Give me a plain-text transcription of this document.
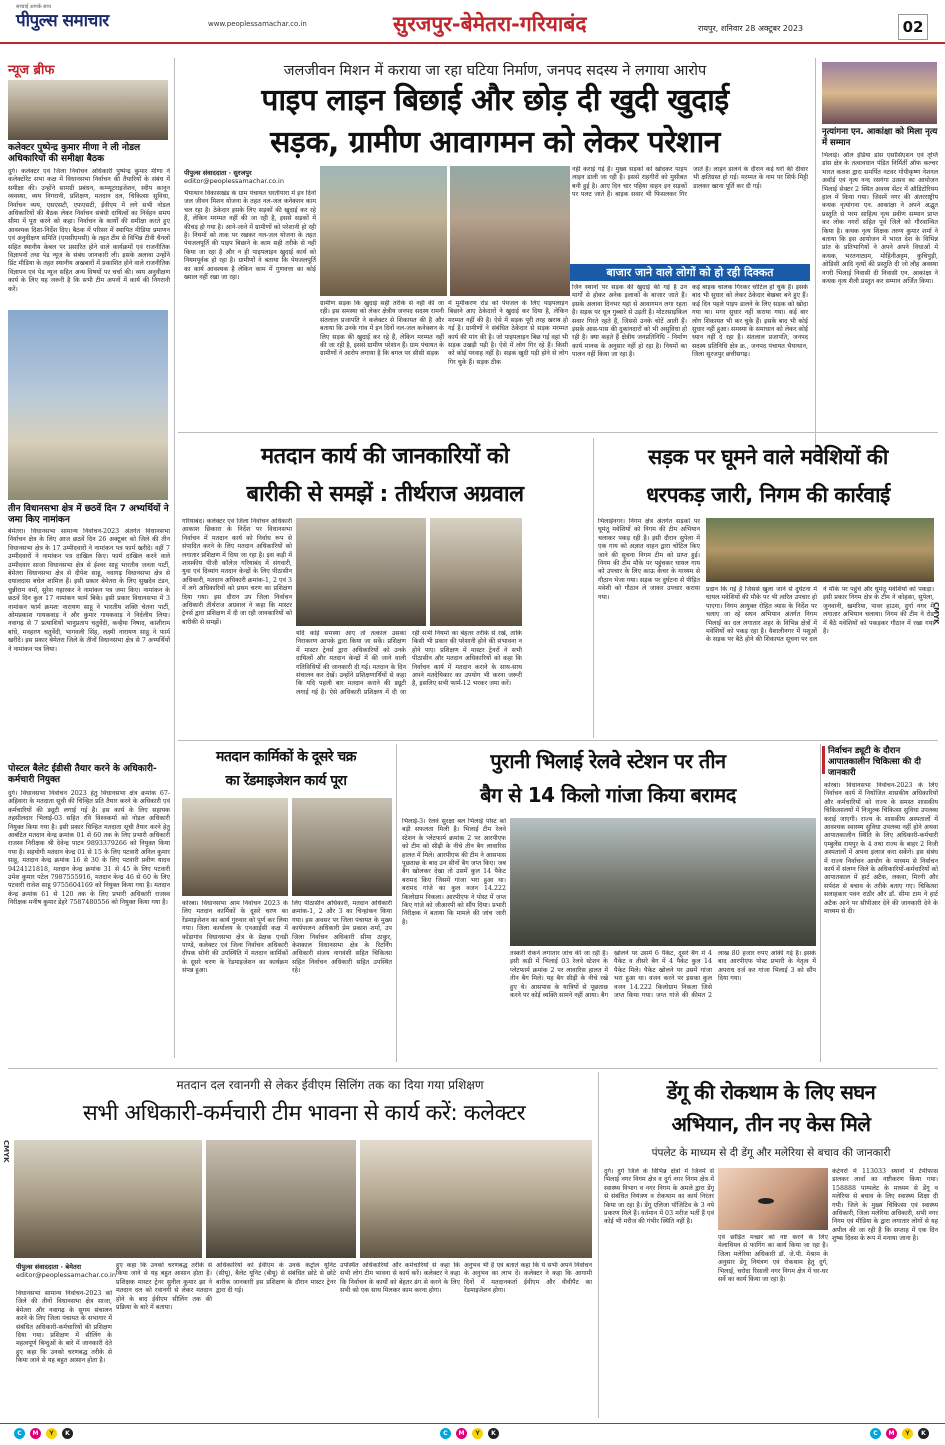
सच्चाई आपके साथ
पीपुल्स समाचार	www.peoplessamachar.co.in	सुरजपुर-बेमेतरा-गरियाबंद	रायपुर, शनिवार 28 अक्टूबर 2023	02
न्यूज ब्रीफ
कलेक्टर पुष्पेन्द्र कुमार मीणा ने ली नोडल अधिकारियों की समीक्षा बैठक
दुर्ग। कलेक्टर एवं जिला निर्वाचन अधिकारी पुष्पेन्द्र कुमार मीणा ने कलेक्टोरेट सभा कक्ष में विधानसभा निर्वाचन की तैयारियों के संबंध में समीक्षा की। उन्होंने सामग्री प्रबंधन, कम्प्यूटराइजेशन, स्वीप कानून व्यवस्था, व्यय निगरानी, प्रशिक्षण, मतदान दल, चिकित्सा सुविधा, निर्वाचन व्यय, एसएसटी, एफएसटी, ईवीएम में लगे सभी नोडल अधिकारियों की बैठक लेकर निर्वाचन संबंधी दायित्वों का निर्वहन समय सीमा में पूरा करने को कहा। निर्वाचन के कार्यों की समीक्षा करते हुए आवश्यक दिशा-निर्देश दिए। बैठक में परिसर में स्थापित मीडिया प्रमाणन एवं अनुवीक्षण समिति (एमसीएमसी) के तहत टीम से विभिन्न टीवी चैनलों सहित स्थानीय केबल पर प्रसारित होने वाले कार्यक्रमों एवं राजनीतिक विज्ञापनों तथा पेड न्यूज के संबंध जानकारी ली। इसके अलावा उन्होंने प्रिंट मीडिया के तहत स्थानीय अखबारों में प्रकाशित होने वाले राजनीतिक विज्ञापन एवं पेड न्यूज सहित अन्य विषयों पर चर्चा की। व्यय अनुवीक्षण कार्य के लिए यह जरूरी है कि सभी टीम अपनों में कार्य की निगरानी करें।
तीन विधानसभा क्षेत्र में छठवें दिन 7 अभ्यर्थियों ने जमा किए नामांकन
बेमेतरा। विधानसभा सामान्य निर्वाचन-2023 अंतर्गत विधानसभा निर्वाचन क्षेत्र के लिए आज छठवें दिन 26 अक्टूबर को जिले की तीन विधानसभा क्षेत्र के 17 उम्मीदवारों ने नामांकन पत्र फार्म खरीदे। वहीं 7 उम्मीदवारों ने नामांकन पत्र दाखिल किए। फार्म दाखिल करने वाले उम्मीदवार साजा विधानसभा क्षेत्र से ईश्वर साहू भारतीय जनता पार्टी, बेमेतरा विधानसभा क्षेत्र से दीपेश साहू, नवागढ़ विधानसभा क्षेत्र से दयालदास बघेल शामिल हैं। इसी प्रकार बेमेतरा के लिए सुखदेव टंडन, चुन्नीराम वर्मा, सुरेश गहारकर ने नामांकन पत्र जमा किए। नामांकन के छठवें दिन कुल 17 नामांकन फार्म बिके। इसी प्रकार विधानसभा में 3 नामांकन फार्म क्रमशः नारायण साहू ने भारतीय शक्ति चेतना पार्टी, ओमप्रकाश गायकवाड़ ने और कुमार गायकवाड़ ने निर्दलीय लिया। नवागढ़ से 7 प्रत्याशियों भानुप्रताप चतुर्वेदी, कन्हैया निषाद, कांशीराम बांधे, मनहरण चतुर्वेदी, भागवली सिंह, लक्ष्मी नारायण साहू ने फार्म खरीदे। इस प्रकार बेमेतरा जिले के तीनों विधानसभा क्षेत्र से 7 अभ्यर्थियों ने नामांकन पत्र लिया।
पोस्टल बैलेट ईडीसी तैयार करने के अधिकारी-कर्मचारी नियुक्त
दुर्ग। विधानसभा निर्वाचन 2023 हेतु विधानसभा क्षेत्र क्रमांक 67-अहिवारा के मतदाता सूची की चिन्हित प्रति तैयार करने के अधिकारी एवं कर्मचारियों की ड्यूटी लगाई गई है। इस कार्य के लिए सहायक तहसीलदार भिलाई-03 सहित रवि विश्वकर्मा को नोडल अधिकारी नियुक्त किया गया है। इसी प्रकार चिन्हित मतदाता सूची तैयार करने हेतु आबंटित मतदान केन्द्र क्रमांक 01 से 60 तक के लिए प्रभारी अधिकारी राजस्व निरीक्षक श्री देवेन्द्र पाटन 9893379266 को नियुक्त किया गया है। सहयोगी मतदान केन्द्र 01 से 15 के लिए पटवारी अनिल कुमार साहू, मतदान केन्द्र क्रमांक 16 से 30 के लिए पटवारी प्रवीण यादव 9424121818, मतदान केन्द्र क्रमांक 31 से 45 के लिए पटवारी उमेश कुमार पटेल 7987555916, मतदान केन्द्र 46 से 60 के लिए पटवारी राजेश साहू 9755604169 को नियुक्त किया गया है। मतदान केन्द्र क्रमांक 61 से 120 तक के लिए प्रभारी अधिकारी राजस्व निरीक्षक मनीष कुमार डेहरे 7587480556 को नियुक्त किया गया है।
जलजीवन मिशन में कराया जा रहा घटिया निर्माण, जनपद सदस्य ने लगाया आरोप
पाइप लाइन बिछाई और छोड़ दी खुदी खुदाई
सड़क, ग्रामीण आवागमन को लेकर परेशान
पीपुल्स संवाददाता · सुरजपुर
editor@peoplessamachar.co.in
भैयाथान विकासखंड के ग्राम पंचायत धरतीपारा में इन दिनों जल जीवन मिशन योजना के तहत नल-जल कनेक्शन काम चल रहा है। ठेकेदार इसके लिए सड़कों की खुदाई कर रहे हैं, लेकिन मरम्मत नहीं की जा रही है, इससे सड़कों में कीचड़ हो गया है। आने-जाने में ग्रामीणों को परेशानी हो रही है। नियमों को ताक पर रखकर नल-जल योजना के तहत पेयजलपूर्ति की पाइप बिछाने के काम सही तरीके से नहीं किया जा रहा है और न ही पाइपलाइन खुदाई कार्य को नियमपूर्वक हो रहा है। ग्रामीणों ने बताया कि पेयजलपूर्ति का कार्य आवश्यक है लेकिन काम में गुणवत्ता का कोई ख्याल नहीं रखा जा रहा।
ग्रामीण सड़क कि खुदाई सही तरीके से नहीं की जा रही। इस समस्या को लेकर क्षेत्रीय जनपद सदस्य रामनी संतलाल प्रजापति ने कलेक्टर से शिकायत की है और बताया कि उनके गांव में इन दिनों नल-जल कनेक्शन के लिए सड़क की खुदाई कर रहे हैं, लेकिन मरम्मत नहीं की जा रही है, इससे ग्रामीण परेशान हैं। ग्राम पंचायत के ग्रामीणों ने आरोप लगाया है कि बगल पर सीसी सड़क
में मुर्मीकरण रोड को पेयजल के लिए पाइपलाइन बिछाने आए ठेकेदारों ने खुदाई कर दिया है, लेकिन मरम्मत नहीं की है। ऐसे में सड़क पूरी तरह खराब हो गई है। ग्रामीणों ने संबंधित ठेकेदार से सड़क मरम्मत कार्य की मांग की है। जो पाइपलाइन बिछ गई वहां भी सड़क उखड़ी पड़ी है। ऐसे में लोग गिर रहे हैं। किसी को कोई परवाह नहीं है। सड़क खुदी पड़ी होने से लोग गिर चुके हैं। सड़क ठीक
नहीं कराई गई है। मुख्य सड़कों को खोदकर पाइप लाइन डाली जा रही है। इससे राहगीरों को मुसीबत बनी हुई है। आए दिन चार पहिया वाहन इन सड़कों पर पलट जाते हैं। बाइक सवार भी फिसलकर गिर जाते हैं। लाइन डालने के दौरान कई घरों की दीवार भी क्षतिग्रस्त हो गई। मरम्मत के नाम पर सिर्फ मिट्टी डालकर खाना पूर्ति कर दी गई।
बाजार जाने वाले लोगों को हो रही दिक्कत
जिन स्थानों पर सड़क की खुदाई की गई है उन मार्गों से होकर अनेक इलाकों के बाजार जाते हैं। इसके अलावा दिनभर यहां से आवागमन लगा रहता है। सड़क पर धूल गुब्बारे से उड़ती है। मोटरसाइकिल सवार गिरते रहते हैं, जिससे उनके चोटें आती हैं। इसके आस-पास की दुकानदारों को भी असुविधा हो रही है। क्या कहते हैं क्षेत्रीय जनप्रतिनिधि - निर्माण कार्य मानक के अनुसार नहीं हो रहा है। नियमों का पालन नहीं किया जा रहा है।
कई बाइक चालक गिरकर चोटिल हो चुके हैं। इसके बाद भी सुधार को लेकर ठेकेदार बेखबर बने हुए हैं। कई दिन पहले पाइप डालने के लिए सड़क को खोदा गया था। मगर सुधार नहीं कराया गया। कई बार लोग शिकायत भी कर चुके हैं। इसके बाद भी कोई सुधार नहीं हुआ। समस्या के समाधान को लेकर कोई ध्यान नहीं दे रहा है। संतलाल प्रजापति, जनपद सदस्य प्रतिनिधि क्षेत्र क्र., जनपद पंचायत भैयाथान, जिला सुरजपुर छत्तीसगढ़।
नृत्यांगना एन. आकांक्षा को मिला नृत्य में सम्मान
भिलाई। ऑल इंडिया डांस एसोसिएशन एवं तृप्ति डांस क्षेत्र के तत्वावधान पंडित निर्मिर्ती ऑफ कल्चर भारत कलश द्वारा समर्पित नटवर गोपीकृष्ण नेशनल अवॉर्ड एवं नृत्य नन्द रसगंगा उत्सव का आयोजन भिलाई सेक्टर 2 स्थित अवध्य सेंटर में ऑडिटोरियम हाल में किया गया। जिसमें नगर की अंतरराष्ट्रीय कथक नृत्यांगना एन. आकांक्षा ने अपने अद्भुत प्रस्तुति से परम साहित्य नृत्य प्रवीण सम्मान प्राप्त कर लोक नगरों सहित पूर्व जिले को गौरवान्वित किया है। कथक नृत्य शिक्षक तरुण कुमार शर्मा ने बताया कि इस आयोजन में भारत देश के विभिन्न प्रांत के प्रतिभागियों ने अपने अपने विधाओं में कथक, भरतनाट्यम, मोहिनीअट्टम, कुचिपुड़ी, ओडिसी आदि नृत्यों की प्रस्तुति दी जो लौह अवस्था नगरी भिलाई निवासी दी निवासी एन. आकांक्षा ने कथक नृत्य शैली प्रस्तुत कर सम्मान अर्जित किया।
मतदान कार्य की जानकारियों को
बारीकी से समझें : तीर्थराज अग्रवाल
गरियाबंद। कलेक्टर एवं जिला निर्वाचन अधिकारी आकाश छिकारा के निर्देश पर विधानसभा निर्वाचन में मतदान कार्य को निर्वाध रूप से संपादित करने के लिए मतदान अधिकारियों को लगातार प्रशिक्षण में दिया जा रहा है। इस कड़ी में शासकीय पीजी कॉलेज गरियाबंद में संगवारी, युवा एवं दिव्यांग मतदान केन्द्रों के लिए पीठासीन अधिकारी, मतदान अधिकारी क्रमांक-1, 2 एवं 3 में लगे अधिकारियों को प्रथम चरण का प्रशिक्षण दिया गया। इस दौरान उप जिला निर्वाचन अधिकारी तीर्थराज अग्रवाल ने कहा कि मास्टर ट्रेनर्स द्वारा प्रशिक्षण में दी जा रही जानकारियों को बारीकी से समझें।
यदि कोई समस्या आए तो तत्काल उसका निराकरण आपके द्वारा किया जा सकें। प्रशिक्षण में मास्टर ट्रेनर्स द्वारा अधिकारियों को उनके दायित्वों और मतदान केन्द्रों में की जाने वाली गतिविधियों की जानकारी दी गई। मतदान के दिन संचालन कर देखें। उन्होंने प्रशिक्षणार्थियों से कहा कि यदि पहली बार मतदान कराने की ड्यूटी लगाई गई है। ऐसे अधिकारी प्रशिक्षण में दी जा रही सभी नियमों का बेहतर तरीके से रखें, ताकि किसी भी प्रकार की परेशानी होने की संभावना न होने पाए। प्रशिक्षण में मास्टर ट्रेनरों ने सभी पीठासीन और मतदान अधिकारियों को कहा कि निर्वाचन कार्य में मतदान कराने के साथ-साथ अपने मतदेयिकार का उपयोग भी करना जरूरी है, इसलिए सभी फार्म-12 भरकर जमा करें।
सड़क पर घूमने वाले मवेशियों की
धरपकड़ जारी, निगम की कार्रवाई
भिलाईनगर। निगम क्षेत्र अंतर्गत सड़कों पर घूमंतू मवेशियों को निगम की टीम अभियान चलाकर पकड़ रही है। इसी दौरान सुपेला में एक गाय को अज्ञात वाहन द्वारा चोटिल किए जाने की सूचना निगम टीम को प्राप्त हुई। निगम की टीम मौके पर पहुंचकर घायल गाय को उपचार के लिए काऊ केचर के माध्यम से गौठान भेजा गया। सड़क पर दुर्घटना से पीड़ित मवेशी को गौठान ले जाकर उपचार कराया गया।
प्रदान कि गई है जिससे खुला जाने से दुर्घटना में घायल मवेशियों की मौके पर भी त्वरित उपचार हो पाएगा। निगम आयुक्त रोहित व्यास के निर्देश पर चलाए जा रहे सघन अभियान अंतर्गत निगम भिलाई का दल लगातार शहर के विभिन्न क्षेत्रों में मवेशियों को पकड़ रहा है। वैशालीनगर में पशुओं के सड़क पर बैठे होने की शिकायत सूचना पर दल ने मौके पर पहुंचे और घूमंतू मवेशियों को पकड़ा। इसी प्रकार निगम क्षेत्र के टीम ने कोहका, सुपेला, जुनवानी, खमरिया, पावर हाउस, दुर्गा नगर में लगातार अभियान चलाया। निगम की टीम ने रोड में बैठे मवेशियों को पकड़कर गौठान में रखा गया है।
मतदान कार्मिकों के दूसरे चक्र
का रेंडमाइजेशन कार्य पूरा
कोरबा। विधानसभा आम निर्वाचन 2023 के लिए मतदान कार्मिकों के दूसरे चरण का रेंडमाइजेशन का कार्य गुरुवार को पूर्ण कर लिया गया। जिला कार्यालय के एनआईसी कक्ष में कोंडागांव विधानसभा क्षेत्र के प्रेक्षक एनडी पाण्डे, कलेक्टर एवं जिला निर्वाचन अधिकारी दीपक सोनी की उपस्थिति में मतदान कार्मिकों के दूसरे चरण के रेंडमाइजेशन का कार्यक्रम संपन्न हुआ।
लिए पीठासीन अधिकारी, मतदान अधिकारी क्रमांक-1, 2 और 3 का चिन्हांकन किया गया। इस अवसर पर जिला पंचायत के मुख्य कार्यपालन अधिकारी प्रेम प्रकाश शर्मा, उप जिला निर्वाचन अधिकारी सीमा ठाकुर, केशकाल विधानसभा क्षेत्र के रिटर्निंग अधिकारी संजय नागवंशी सहित चिकित्सा सहित निर्वाचन अधिकारी सहित उपस्थित रहे।
पुरानी भिलाई रेलवे स्टेशन पर तीन
बैग से 14 किलो गांजा किया बरामद
भिलाई-3। रेलवे सुरक्षा बल भिलाई पोस्ट को बड़ी सफलता मिली है। भिलाई टीम रेलवे स्टेशन के प्लेटफार्म क्रमांक 2 पर आरपीएफ को टीम को सीढ़ी के नीचे तीन बैग लावारिस हालत में मिले। आरपीएफ की टीम ने आसपास पूछताछ के बाद उन सीनों बैग जप्त किए। जब बैग खोलकर देखा तो उसमें कुल 14 पैकेट बरामद किए जिसमें गांजा भरा हुआ था। बरामद गांजे का कुल वजन 14.222 किलोग्राम निकला। आरपीएफ ने पोस्ट में जप्त किए गांजे को जीआरपी को सौंप दिया। प्रभारी निरीक्षक ने बताया कि मामले की जांच जारी है।
तस्करी रोकने लगातार जांच की जा रही है। इसी कड़ी में भिलाई 03 रेलवे स्टेशन के प्लेटफार्म क्रमांक 2 पर लावारिस हालत में तीन बैग मिले। यह बैग सीढ़ी के नीचे रखे हुए थे। आसपास के यात्रियों से पूछताछ करने पर कोई व्यक्ति सामने नहीं आया। बैग खोलने पर उसमें 6 पैकेट, दूसरे बैग में 4 पैकेट व तीसरे बैग में 4 पैकेट कुल 14 पैकेट मिले। पैकेट खोलने पर उसमें गांजा भरा हुआ था। वजन करने पर इसका कुल वजन 14.222 किलोग्राम निकला जिसे जप्त किया गया। जप्त गांजे की कीमत 2 लाख 80 हजार रुपए आंकी गई है। इसके बाद आरपीएफ पोस्ट प्रभारी के नेतृत्व में अपराध दर्ज कर गांजा भिलाई 3 को सौंप दिया गया।
निर्वाचन ड्यूटी के दौरान आपातकालीन चिकित्सा की दी जानकारी
कोरबा। विधानसभा निर्वाचन-2023 के लिए निर्वाचन कार्य में नियोजित शासकीय अधिकारियों और कर्मचारियों को राज्य के समस्त शासकीय चिकित्सालयों में निःशुल्क चिकित्सा सुविधा उपलब्ध कराई जाएगी। राज्य के शासकीय अस्पतालों में आवश्यक स्वास्थ्य सुविधा उपलब्ध नहीं होने अथवा आपातकालीन स्थिति के लिए अधिकारी-कर्मचारी एम्बुलेंस रायपुर के 4 तथा राज्य के बाहर 2 निजी अस्पतालों में अपना इलाज करा सकेंगे। इस संबंध में राज्य निर्वाचन आयोग के माध्यम से निर्वाचन कार्य में संलग्न जिले के अधिकारियों-कर्मचारियों को आपातकाल में हार्ट अटैक, लकवा, मिरगी और सर्पदंश से बचाव के तरीके बताए गए। चिकित्सा सलाहकार पवन राठौर और डॉ. सीमा टाम ने हार्ट अटैक आने पर सीपीआर देने की जानकारी देने के माध्यम से दी।
मतदान दल रवानगी से लेकर ईवीएम सिलिंग तक का दिया गया प्रशिक्षण
सभी अधिकारी-कर्मचारी टीम भावना से कार्य करें: कलेक्टर
पीपुल्स संवाददाता · बेमेतरा
editor@peoplessamachar.co.in
विधानसभा सामान्य निर्वाचन-2023 को जिले की तीनों विधानसभा क्षेत्र साजा, बेमेतरा और नवागढ़ के सुगम संचालन करने के लिए जिला पंचायत के सभागार में संबंधित अधिकारी-कर्मचारियों की प्रशिक्षण दिया गया। प्रशिक्षण में सीलिंग के महत्वपूर्ण बिन्दुओं के बारे में जानकारी देते हुए कहा कि उनको चरणबद्ध तरीके से किया जाने से यह बहुत आसान होता है।
हुए कहा कि उनको चरणबद्ध तरीके से किया जाने से यह बहुत आसान होता है। प्रशिक्षक मास्टर ट्रेनर सुनील कुमार झा ने मतदान दल को रवानगी से लेकर मतदान होने के बाद ईवीएम सीलिंग तक की प्रक्रिया के बारे में बताया।
अधिकारियों को ईवीएम के उनके कंट्रोल यूनिट (सीयू), बैलेट यूनिट (बीयू) से संबंधित छोटे से छोटे बारीक जानकारी इस प्रशिक्षण के दौरान मास्टर ट्रेनर द्वारा दी गई।
उपस्थित अधिकारियों और कर्मचारियों से कहा कि सभी लोग टीम भावना से कार्य करें। कलेक्टर ने कहा कि निर्वाचन के कार्यों को बेहतर ढंग से करने के लिए सभी को एक साथ मिलकर काम करना होगा।
अनुभव भी है एवं बताते कहा कि ये सभी अपने निर्वाचन के अनुभव का लाभ दें। कलेक्टर ने कहा कि आगामी दिनों में मतदानकर्ता ईवीएम और वीवीपैट का रेंडमाइजेशन होगा।
डेंगू की रोकथाम के लिए सघन
अभियान, तीन नए केस मिले
पंपलेट के माध्यम से दी डेंगू और मलेरिया से बचाव की जानकारी
दुर्ग। दुर्ग जिले के विभिन्न क्षेत्रों में जिनमें से भिलाई नगर निगम क्षेत्र व दुर्ग नगर निगम क्षेत्र में स्वास्थ्य विभाग व नगर निगम के अमले द्वारा डेंगू से संबंधित नियंत्रण व रोकथाम का कार्य निरंतर किया जा रहा है। डेंगू एलिजा पॉजिटिव के 3 नये प्रकरण मिले हैं। वर्तमान में 03 मरीज भर्ती हैं एवं कोई भी मरीज की गंभीर स्थिति नहीं है।
एवं छोड़ित मच्छर को नष्ट करने के लिए मेलाथियन से फागिंग का कार्य किया जा रहा है। जिला मलेरिया अधिकारी डॉ. जे.पी. मेश्राम के अनुसार डेंगू नियंत्रण एवं रोकथाम हेतु दुर्ग, भिलाई, चरोदा रिसाली नगर निगम क्षेत्र में घर-घर सर्वे का कार्य किया जा रहा है।
कंटेनरों में 113033 स्थानों में टेमीफास डालकर लार्वा का नष्टीकरण किया गया। 158888 पाम्पलेट के माध्यम से डेंगू व मलेरिया से बचाव के लिए स्वास्थ्य शिक्षा दी गयी। जिले के मुख्य चिकित्सा एवं स्वास्थ्य अधिकारी, जिला मलेरिया अधिकारी, सभी नगर निगम एवं मीडिया के द्वारा लगातार लोगों से यह अपील की जा रही है कि सप्ताह में एक दिन शुष्क दिवस के रूप में मनाया जाना है।
CMYK
CMYK
C	M	Y	K	C	M	Y	K	C	M	Y	K
